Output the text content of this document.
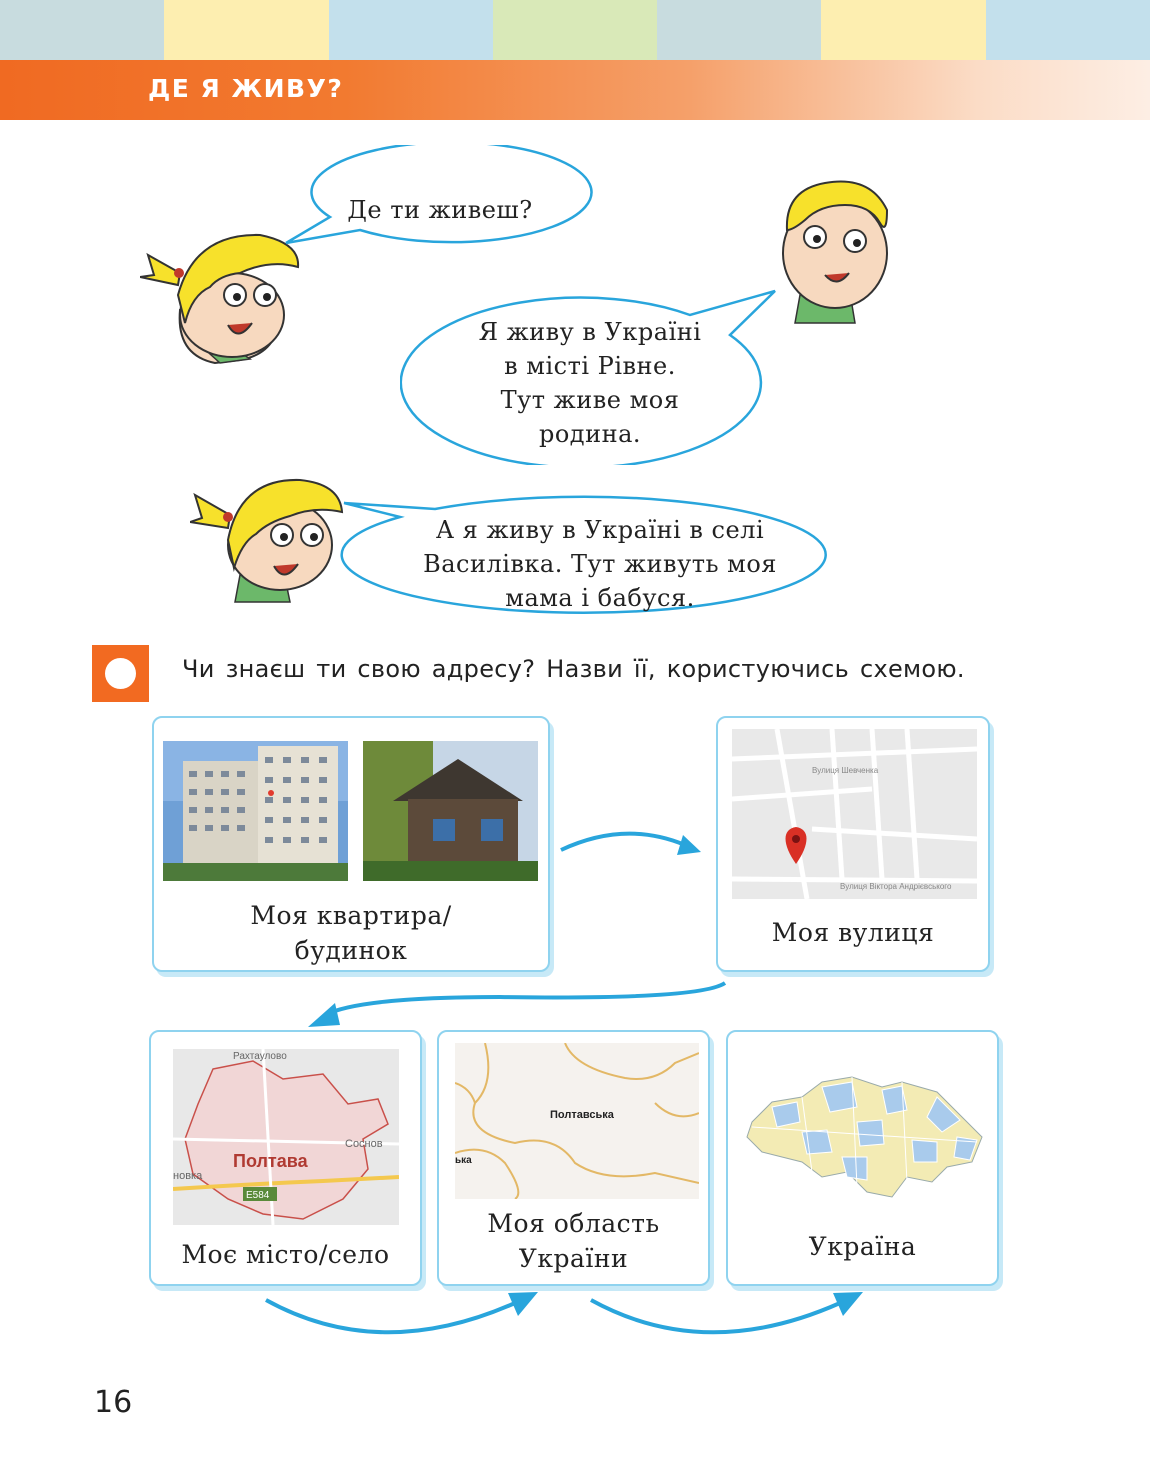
ДЕ Я ЖИВУ?
Де ти живеш?
Я живу в Україні
в місті Рівне.
Тут живе моя
родина.
А я живу в Україні в селі
Василівка. Тут живуть моя
мама і бабуся.
Чи знаєш ти свою адресу? Назви її, користуючись схемою.
Моя квартира/
будинок
Вулиця Шевченка
Вулиця Віктора Андрієвського
Моя вулиця
Полтава
Е584
Рахтаулово
Соснов
новка
Моє місто/село
Полтавська
ька
Моя область
України	Україна
16
